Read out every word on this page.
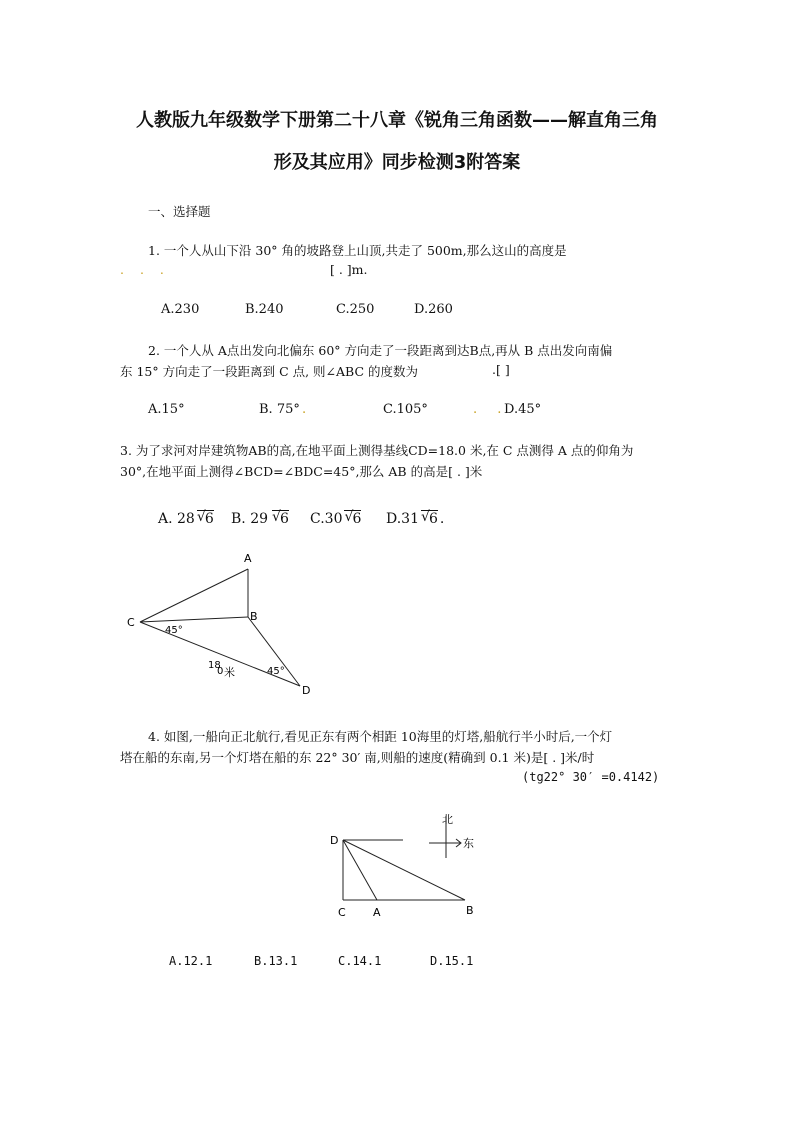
人教版九年级数学下册第二十八章《锐角三角函数——解直角三角
形及其应用》同步检测3附答案
一、选择题
1. 一个人从山下沿 30° 角的坡路登上山顶,共走了 500m,那么这山的高度是
. . .	[ . ]m.
A.230	B.240	C.250	D.260
2. 一个人从 A点出发向北偏东 60° 方向走了一段距离到达B点,再从 B 点出发向南偏
东 15° 方向走了一段距离到 C 点, 则∠ABC 的度数为	.[ ]
A.15°	B. 75° .	C.105°	. .
D.45°
3. 为了求河对岸建筑物AB的高,在地平面上测得基线CD=18.0 米,在 C 点测得 A 点的仰角为
30°,在地平面上测得∠BCD=∠BDC=45°,那么 AB 的高是[ . ]米
A. 28 √ 6 B. 29 √ 6 C.30 √ 6 D.31 √ 6 .
A
B
C
D
45°
45°
18
0 米
4. 如图,一船向正北航行,看见正东有两个相距 10海里的灯塔,船航行半小时后,一个灯
塔在船的东南,另一个灯塔在船的东 22° 30′ 南,则船的速度(精确到 0.1 米)是[ . ]米/时
(tg22° 30′ =0.4142)
北
东
D
C A	B
A.12.1	B.13.1	C.14.1	D.15.1
